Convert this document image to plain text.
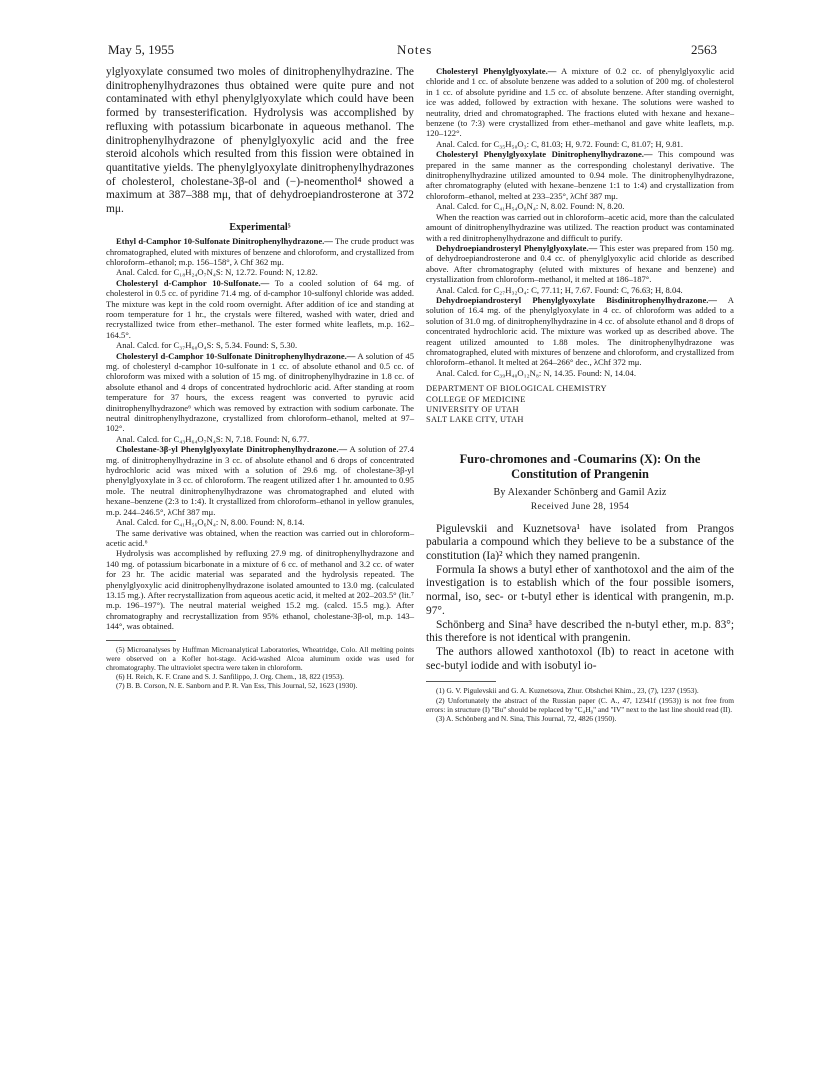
May 5, 1955	Notes	2563

ylglyoxylate consumed two moles of dinitrophenylhydrazine. The dinitrophenylhydrazones thus obtained were quite pure and not contaminated with ethyl phenylglyoxylate which could have been formed by transesterification. Hydrolysis was accomplished by refluxing with potassium bicarbonate in aqueous methanol. The dinitrophenylhydrazone of phenylglyoxylic acid and the free steroid alcohols which resulted from this fission were obtained in quantitative yields. The phenylglyoxylate dinitrophenylhydrazones of cholesterol, cholestane-3β-ol and (−)-neomenthol⁴ showed a maximum at 387–388 mμ, that of dehydroepiandrosterone at 372 mμ.

Experimental⁵

Ethyl d-Camphor 10-Sulfonate Dinitrophenylhydrazone.— The crude product was chromatographed, eluted with mixtures of benzene and chloroform, and crystallized from chloroform–ethanol; m.p. 156–158°, λ Chf 362 mμ.

Anal. Calcd. for C₁₈H₂₄O₇N₄S: N, 12.72. Found: N, 12.82.

Cholesteryl d-Camphor 10-Sulfonate.— To a cooled solution of 64 mg. of cholesterol in 0.5 cc. of pyridine 71.4 mg. of d-camphor 10-sulfonyl chloride was added. The mixture was kept in the cold room overnight. After addition of ice and standing at room temperature for 1 hr., the crystals were filtered, washed with water, dried and recrystallized twice from ether–methanol. The ester formed white leaflets, m.p. 162–164.5°.

Anal. Calcd. for C₃₇H₆₀O₄S: S, 5.34. Found: S, 5.30.

Cholesteryl d-Camphor 10-Sulfonate Dinitrophenylhydrazone.— A solution of 45 mg. of cholesteryl d-camphor 10-sulfonate in 1 cc. of absolute ethanol and 0.5 cc. of chloroform was mixed with a solution of 15 mg. of dinitrophenylhydrazine in 1.8 cc. of absolute ethanol and 4 drops of concentrated hydrochloric acid. After standing at room temperature for 37 hours, the excess reagent was converted to pyruvic acid dinitrophenylhydrazone⁶ which was removed by extraction with sodium carbonate. The neutral dinitrophenylhydrazone, crystallized from chloroform–ethanol, melted at 97–102°.

Anal. Calcd. for C₄₃H₆₄O₇N₄S: N, 7.18. Found: N, 6.77.

Cholestane-3β-yl Phenylglyoxylate Dinitrophenylhydrazone.— A solution of 27.4 mg. of dinitrophenylhydrazine in 3 cc. of absolute ethanol and 6 drops of concentrated hydrochloric acid was mixed with a solution of 29.6 mg. of cholestane-3β-yl phenylglyoxylate in 3 cc. of chloroform. The reagent utilized after 1 hr. amounted to 0.95 mole. The neutral dinitrophenylhydrazone was chromatographed and eluted with hexane–benzene (2:3 to 1:4). It crystallized from chloroform–ethanol in yellow granules, m.p. 244–246.5°, λChf 387 mμ.

Anal. Calcd. for C₄₁H₅₆O₆N₄: N, 8.00. Found: N, 8.14.

The same derivative was obtained, when the reaction was carried out in chloroform–acetic acid.⁶

Hydrolysis was accomplished by refluxing 27.9 mg. of dinitrophenylhydrazone and 140 mg. of potassium bicarbonate in a mixture of 6 cc. of methanol and 3.2 cc. of water for 23 hr. The acidic material was separated and the hydrolysis repeated. The phenylglyoxylic acid dinitrophenylhydrazone isolated amounted to 13.0 mg. (calculated 13.15 mg.). After recrystallization from aqueous acetic acid, it melted at 202–203.5° (lit.⁷ m.p. 196–197°). The neutral material weighed 15.2 mg. (calcd. 15.5 mg.). After chromatography and recrystallization from 95% ethanol, cholestane-3β-ol, m.p. 143–144°, was obtained.

(5) Microanalyses by Huffman Microanalytical Laboratories, Wheatridge, Colo. All melting points were observed on a Kofler hot-stage. Acid-washed Alcoa aluminum oxide was used for chromatography. The ultraviolet spectra were taken in chloroform.

(6) H. Reich, K. F. Crane and S. J. Sanfilippo, J. Org. Chem., 18, 822 (1953).

(7) B. B. Corson, N. E. Sanborn and P. R. Van Ess, This Journal, 52, 1623 (1930).

Cholesteryl Phenylglyoxylate.— A mixture of 0.2 cc. of phenylglyoxylic acid chloride and 1 cc. of absolute benzene was added to a solution of 200 mg. of cholesterol in 1 cc. of absolute pyridine and 1.5 cc. of absolute benzene. After standing overnight, ice was added, followed by extraction with hexane. The solutions were washed to neutrality, dried and chromatographed. The fractions eluted with hexane and hexane–benzene (to 7:3) were crystallized from ether–methanol and gave white leaflets, m.p. 120–122°.

Anal. Calcd. for C₃₅H₅₀O₃: C, 81.03; H, 9.72. Found: C, 81.07; H, 9.81.

Cholesteryl Phenylglyoxylate Dinitrophenylhydrazone.— This compound was prepared in the same manner as the corresponding cholestanyl derivative. The dinitrophenylhydrazine utilized amounted to 0.94 mole. The dinitrophenylhydrazone, after chromatography (eluted with hexane–benzene 1:1 to 1:4) and crystallization from chloroform–ethanol, melted at 233–235°, λChf 387 mμ.

Anal. Calcd. for C₄₁H₅₄O₆N₄: N, 8.02. Found: N, 8.20.

When the reaction was carried out in chloroform–acetic acid, more than the calculated amount of dinitrophenylhydrazine was utilized. The reaction product was contaminated with a red dinitrophenylhydrazone and difficult to purify.

Dehydroepiandrosteryl Phenylglyoxylate.— This ester was prepared from 150 mg. of dehydroepiandrosterone and 0.4 cc. of phenylglyoxylic acid chloride as described above. After chromatography (eluted with mixtures of hexane and benzene) and crystallization from chloroform–methanol, it melted at 186–187°.

Anal. Calcd. for C₂₇H₃₂O₄: C, 77.11; H, 7.67. Found: C, 76.63; H, 8.04.

Dehydroepiandrosteryl Phenylglyoxylate Bisdinitrophenylhydrazone.— A solution of 16.4 mg. of the phenylglyoxylate in 4 cc. of chloroform was added to a solution of 31.0 mg. of dinitrophenylhydrazine in 4 cc. of absolute ethanol and 8 drops of concentrated hydrochloric acid. The mixture was worked up as described above. The reagent utilized amounted to 1.88 moles. The dinitrophenylhydrazone was chromatographed, eluted with mixtures of benzene and chloroform, and crystallized from chloroform–ethanol. It melted at 264–266° dec., λChf 372 mμ.

Anal. Calcd. for C₃₉H₄₀O₁₂N₈: N, 14.35. Found: N, 14.04.

DEPARTMENT OF BIOLOGICAL CHEMISTRY
COLLEGE OF MEDICINE
UNIVERSITY OF UTAH
SALT LAKE CITY, UTAH
Furo-chromones and -Coumarins (X): On the Constitution of Prangenin
By Alexander Schönberg and Gamil Aziz
Received June 28, 1954

Pigulevskii and Kuznetsova¹ have isolated from Prangos pabularia a compound which they believe to be a substance of the constitution (Ia)² which they named prangenin.

Formula Ia shows a butyl ether of xanthotoxol and the aim of the investigation is to establish which of the four possible isomers, normal, iso, sec- or t-butyl ether is identical with prangenin, m.p. 97°.

Schönberg and Sina³ have described the n-butyl ether, m.p. 83°; this therefore is not identical with prangenin.

The authors allowed xanthotoxol (Ib) to react in acetone with sec-butyl iodide and with isobutyl io-

(1) G. V. Pigulevskii and G. A. Kuznetsova, Zhur. Obshchei Khim., 23, (7), 1237 (1953).

(2) Unfortunately the abstract of the Russian paper (C. A., 47, 12341f (1953)) is not free from errors: in structure (I) "Bu" should be replaced by "C₄H₉" and "IV" next to the last line should read (II).

(3) A. Schönberg and N. Sina, This Journal, 72, 4826 (1950).
